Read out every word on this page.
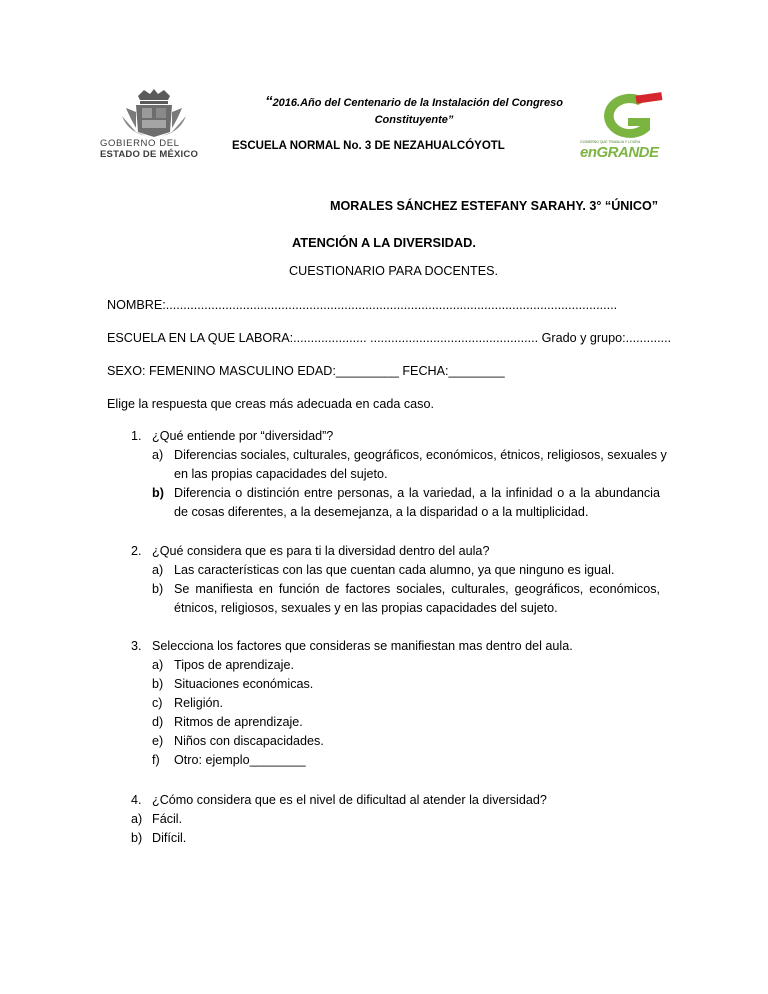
GOBIERNO DEL
ESTADO DE MÉXICO
“2016.Año del Centenario de la Instalación del Congreso
Constituyente”
ESCUELA NORMAL No. 3 DE NEZAHUALCÓYOTL	GOBIERNO QUE TRABAJA Y LOGRA
enGRANDE
MORALES SÁNCHEZ ESTEFANY SARAHY. 3° “ÚNICO”
ATENCIÓN A LA DIVERSIDAD.
CUESTIONARIO PARA DOCENTES.
NOMBRE:.................................................................................................................................
ESCUELA EN LA QUE LABORA:..................... ................................................ Grado y grupo:.............
SEXO: FEMENINO MASCULINO EDAD:_________ FECHA:________
Elige la respuesta que creas más adecuada en cada caso.
1. ¿Qué entiende por “diversidad”?
a) Diferencias sociales, culturales, geográficos, económicos, étnicos, religiosos, sexuales y
en las propias capacidades del sujeto.
b) Diferencia o distinción entre personas, a la variedad, a la infinidad o a la abundancia
de cosas diferentes, a la desemejanza, a la disparidad o a la multiplicidad.
2. ¿Qué considera que es para ti la diversidad dentro del aula?
a) Las características con las que cuentan cada alumno, ya que ninguno es igual.
b) Se manifiesta en función de factores sociales, culturales, geográficos, económicos,
étnicos, religiosos, sexuales y en las propias capacidades del sujeto.
3. Selecciona los factores que consideras se manifiestan mas dentro del aula.
a) Tipos de aprendizaje.
b) Situaciones económicas.
c) Religión.
d) Ritmos de aprendizaje.
e) Niños con discapacidades.
f) Otro: ejemplo________
4. ¿Cómo considera que es el nivel de dificultad al atender la diversidad?
a) Fácil.
b) Difícil.
